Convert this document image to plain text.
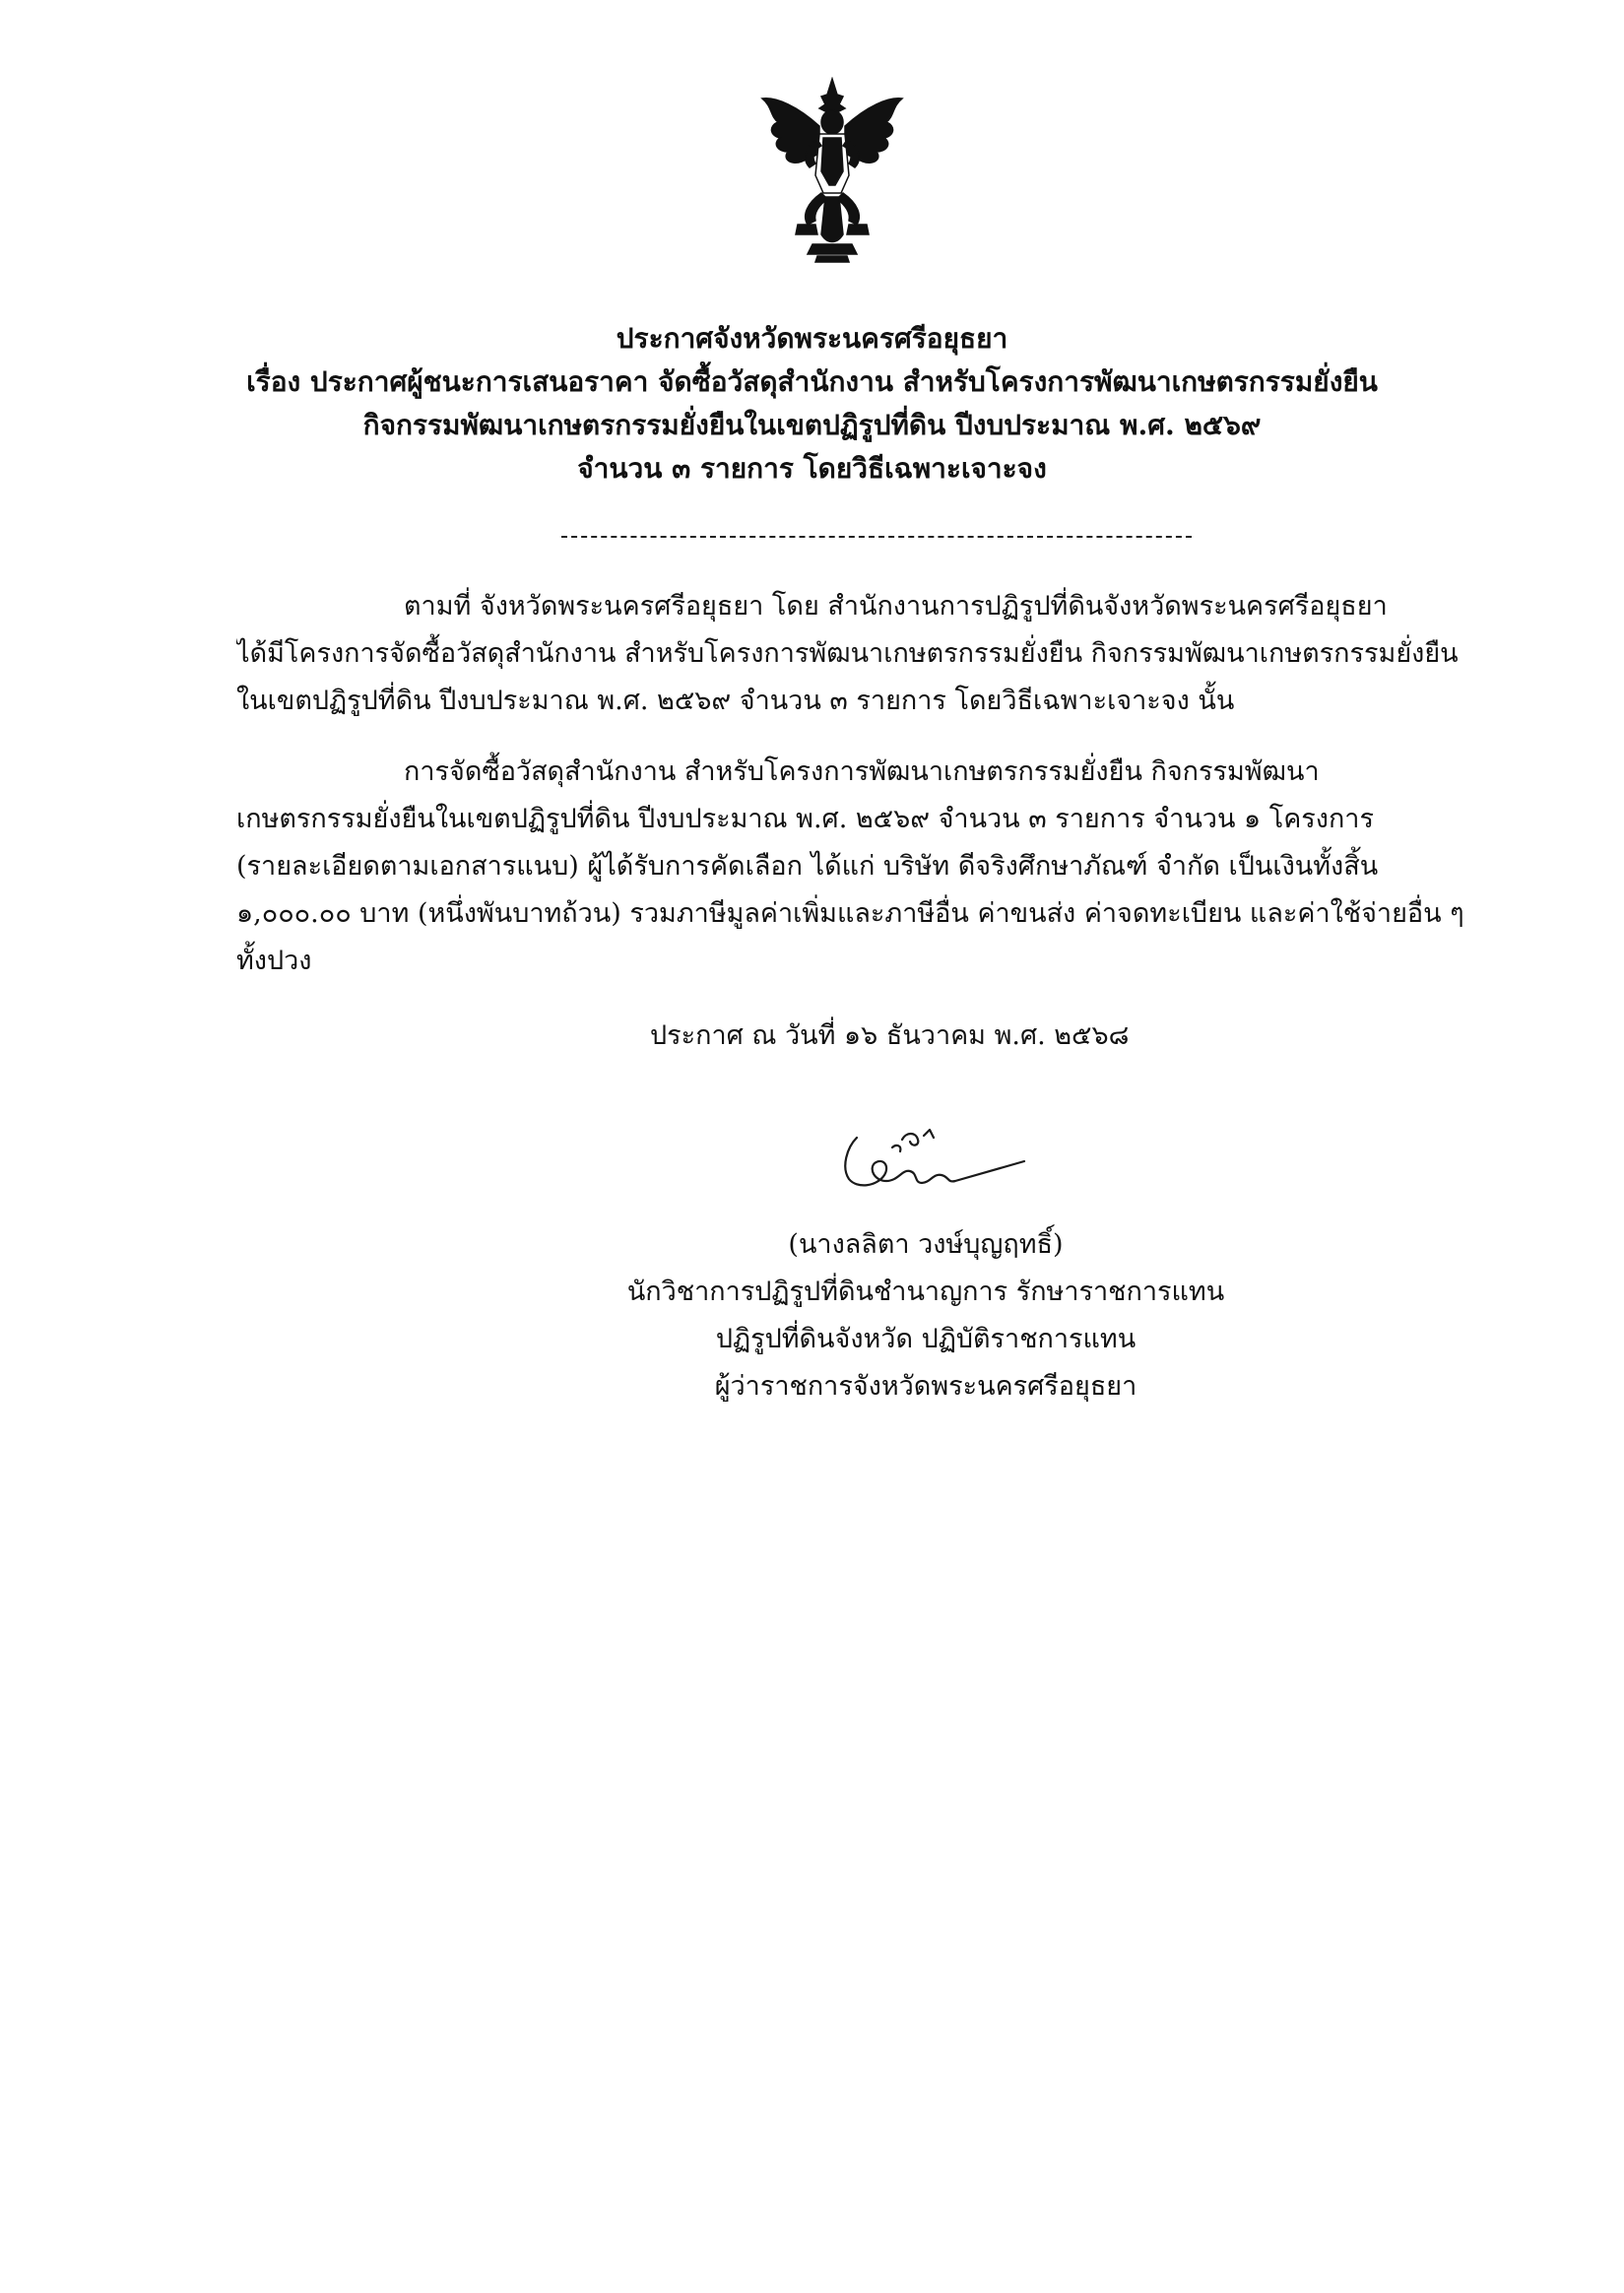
ประกาศจังหวัดพระนครศรีอยุธยา
เรื่อง ประกาศผู้ชนะการเสนอราคา จัดซื้อวัสดุสำนักงาน สำหรับโครงการพัฒนาเกษตรกรรมยั่งยืน
กิจกรรมพัฒนาเกษตรกรรมยั่งยืนในเขตปฏิรูปที่ดิน ปีงบประมาณ พ.ศ. ๒๕๖๙
จำนวน ๓ รายการ โดยวิธีเฉพาะเจาะจง
ตามที่ จังหวัดพระนครศรีอยุธยา โดย สำนักงานการปฏิรูปที่ดินจังหวัดพระนครศรีอยุธยา
ได้มีโครงการจัดซื้อวัสดุสำนักงาน สำหรับโครงการพัฒนาเกษตรกรรมยั่งยืน กิจกรรมพัฒนาเกษตรกรรมยั่งยืน
ในเขตปฏิรูปที่ดิน ปีงบประมาณ พ.ศ. ๒๕๖๙ จำนวน ๓ รายการ โดยวิธีเฉพาะเจาะจง นั้น
การจัดซื้อวัสดุสำนักงาน สำหรับโครงการพัฒนาเกษตรกรรมยั่งยืน กิจกรรมพัฒนา
เกษตรกรรมยั่งยืนในเขตปฏิรูปที่ดิน ปีงบประมาณ พ.ศ. ๒๕๖๙ จำนวน ๓ รายการ จำนวน ๑ โครงการ
(รายละเอียดตามเอกสารแนบ) ผู้ได้รับการคัดเลือก ได้แก่ บริษัท ดีจริงศึกษาภัณฑ์ จำกัด เป็นเงินทั้งสิ้น
๑,๐๐๐.๐๐ บาท (หนึ่งพันบาทถ้วน) รวมภาษีมูลค่าเพิ่มและภาษีอื่น ค่าขนส่ง ค่าจดทะเบียน และค่าใช้จ่ายอื่น ๆ
ทั้งปวง
ประกาศ ณ วันที่ ๑๖ ธันวาคม พ.ศ. ๒๕๖๘
(นางลลิตา วงษ์บุญฤทธิ์)
นักวิชาการปฏิรูปที่ดินชำนาญการ รักษาราชการแทน
ปฏิรูปที่ดินจังหวัด ปฏิบัติราชการแทน
ผู้ว่าราชการจังหวัดพระนครศรีอยุธยา
